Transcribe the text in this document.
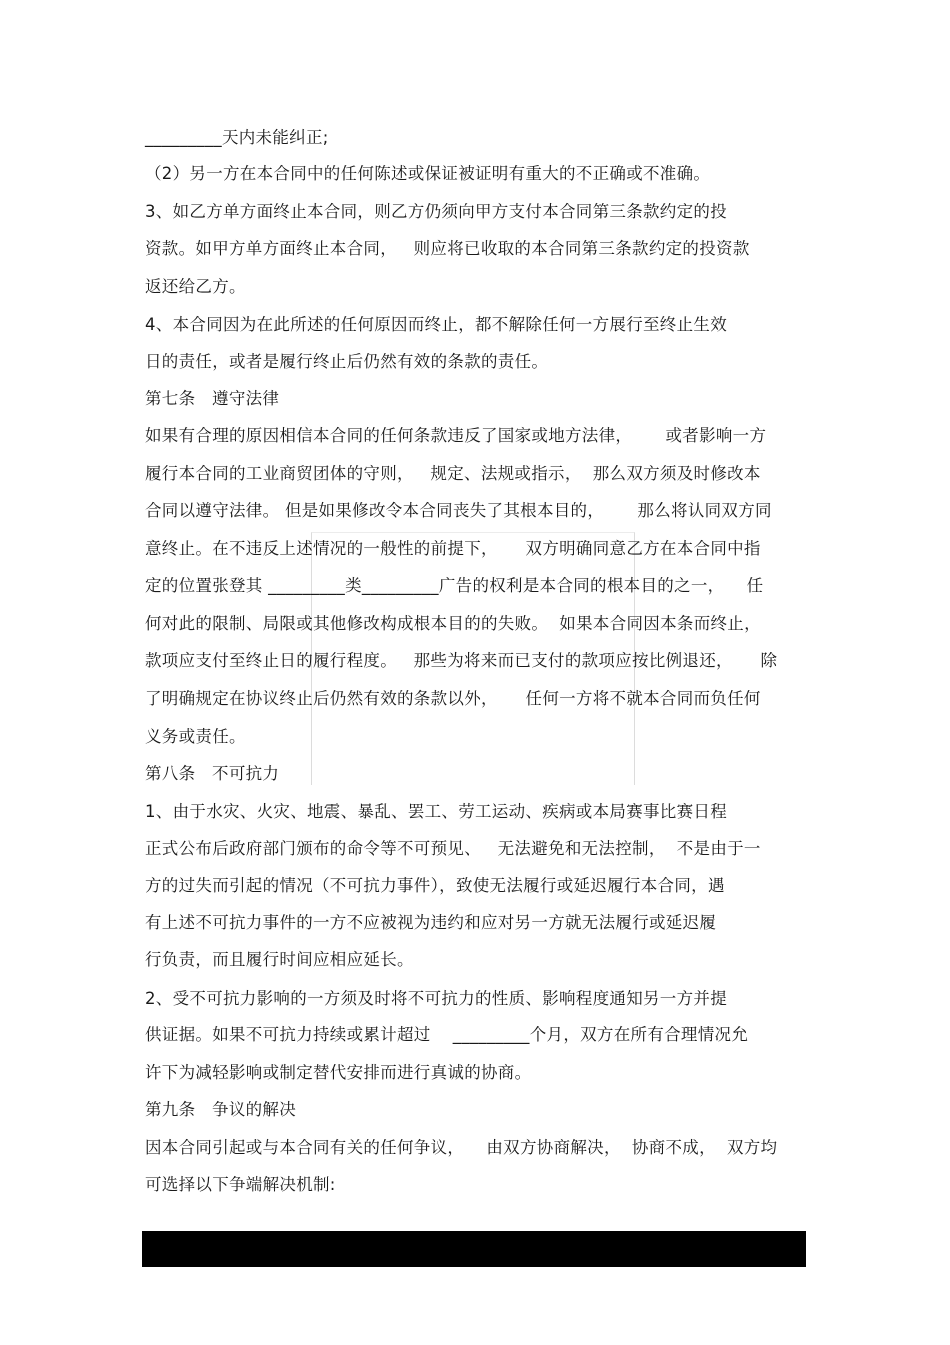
_________天内未能纠正;
（2）另一方在本合同中的任何陈述或保证被证明有重大的不正确或不准确。
3、如乙方单方面终止本合同，则乙方仍须向甲方支付本合同第三条款约定的投
资款。如甲方单方面终止本合同，   则应将已收取的本合同第三条款约定的投资款
返还给乙方。
4、本合同因为在此所述的任何原因而终止，都不解除任何一方展行至终止生效
日的责任，或者是履行终止后仍然有效的条款的责任。
第七条   遵守法律
如果有合理的原因相信本合同的任何条款违反了国家或地方法律，      或者影响一方
履行本合同的工业商贸团体的守则，   规定、法规或指示，  那么双方须及时修改本
合同以遵守法律。 但是如果修改令本合同丧失了其根本目的，      那么将认同双方同
意终止。在不违反上述情况的一般性的前提下，     双方明确同意乙方在本合同中指
定的位置张登其 _________类_________广告的权利是本合同的根本目的之一，    任
何对此的限制、局限或其他修改构成根本目的的失败。  如果本合同因本条而终止，
款项应支付至终止日的履行程度。   那些为将来而已支付的款项应按比例退还，     除
了明确规定在协议终止后仍然有效的条款以外，     任何一方将不就本合同而负任何
义务或责任。
第八条   不可抗力
1、由于水灾、火灾、地震、暴乱、罢工、劳工运动、疾病或本局赛事比赛日程
正式公布后政府部门颁布的命令等不可预见、   无法避免和无法控制，  不是由于一
方的过失而引起的情况（不可抗力事件），致使无法履行或延迟履行本合同，遇
有上述不可抗力事件的一方不应被视为违约和应对另一方就无法履行或延迟履
行负责，而且履行时间应相应延长。
2、受不可抗力影响的一方须及时将不可抗力的性质、影响程度通知另一方并提
供证据。如果不可抗力持续或累计超过    _________个月，双方在所有合理情况允
许下为减轻影响或制定替代安排而进行真诚的协商。
第九条   争议的解决
因本合同引起或与本合同有关的任何争议，    由双方协商解决，  协商不成，  双方均
可选择以下争端解决机制:
